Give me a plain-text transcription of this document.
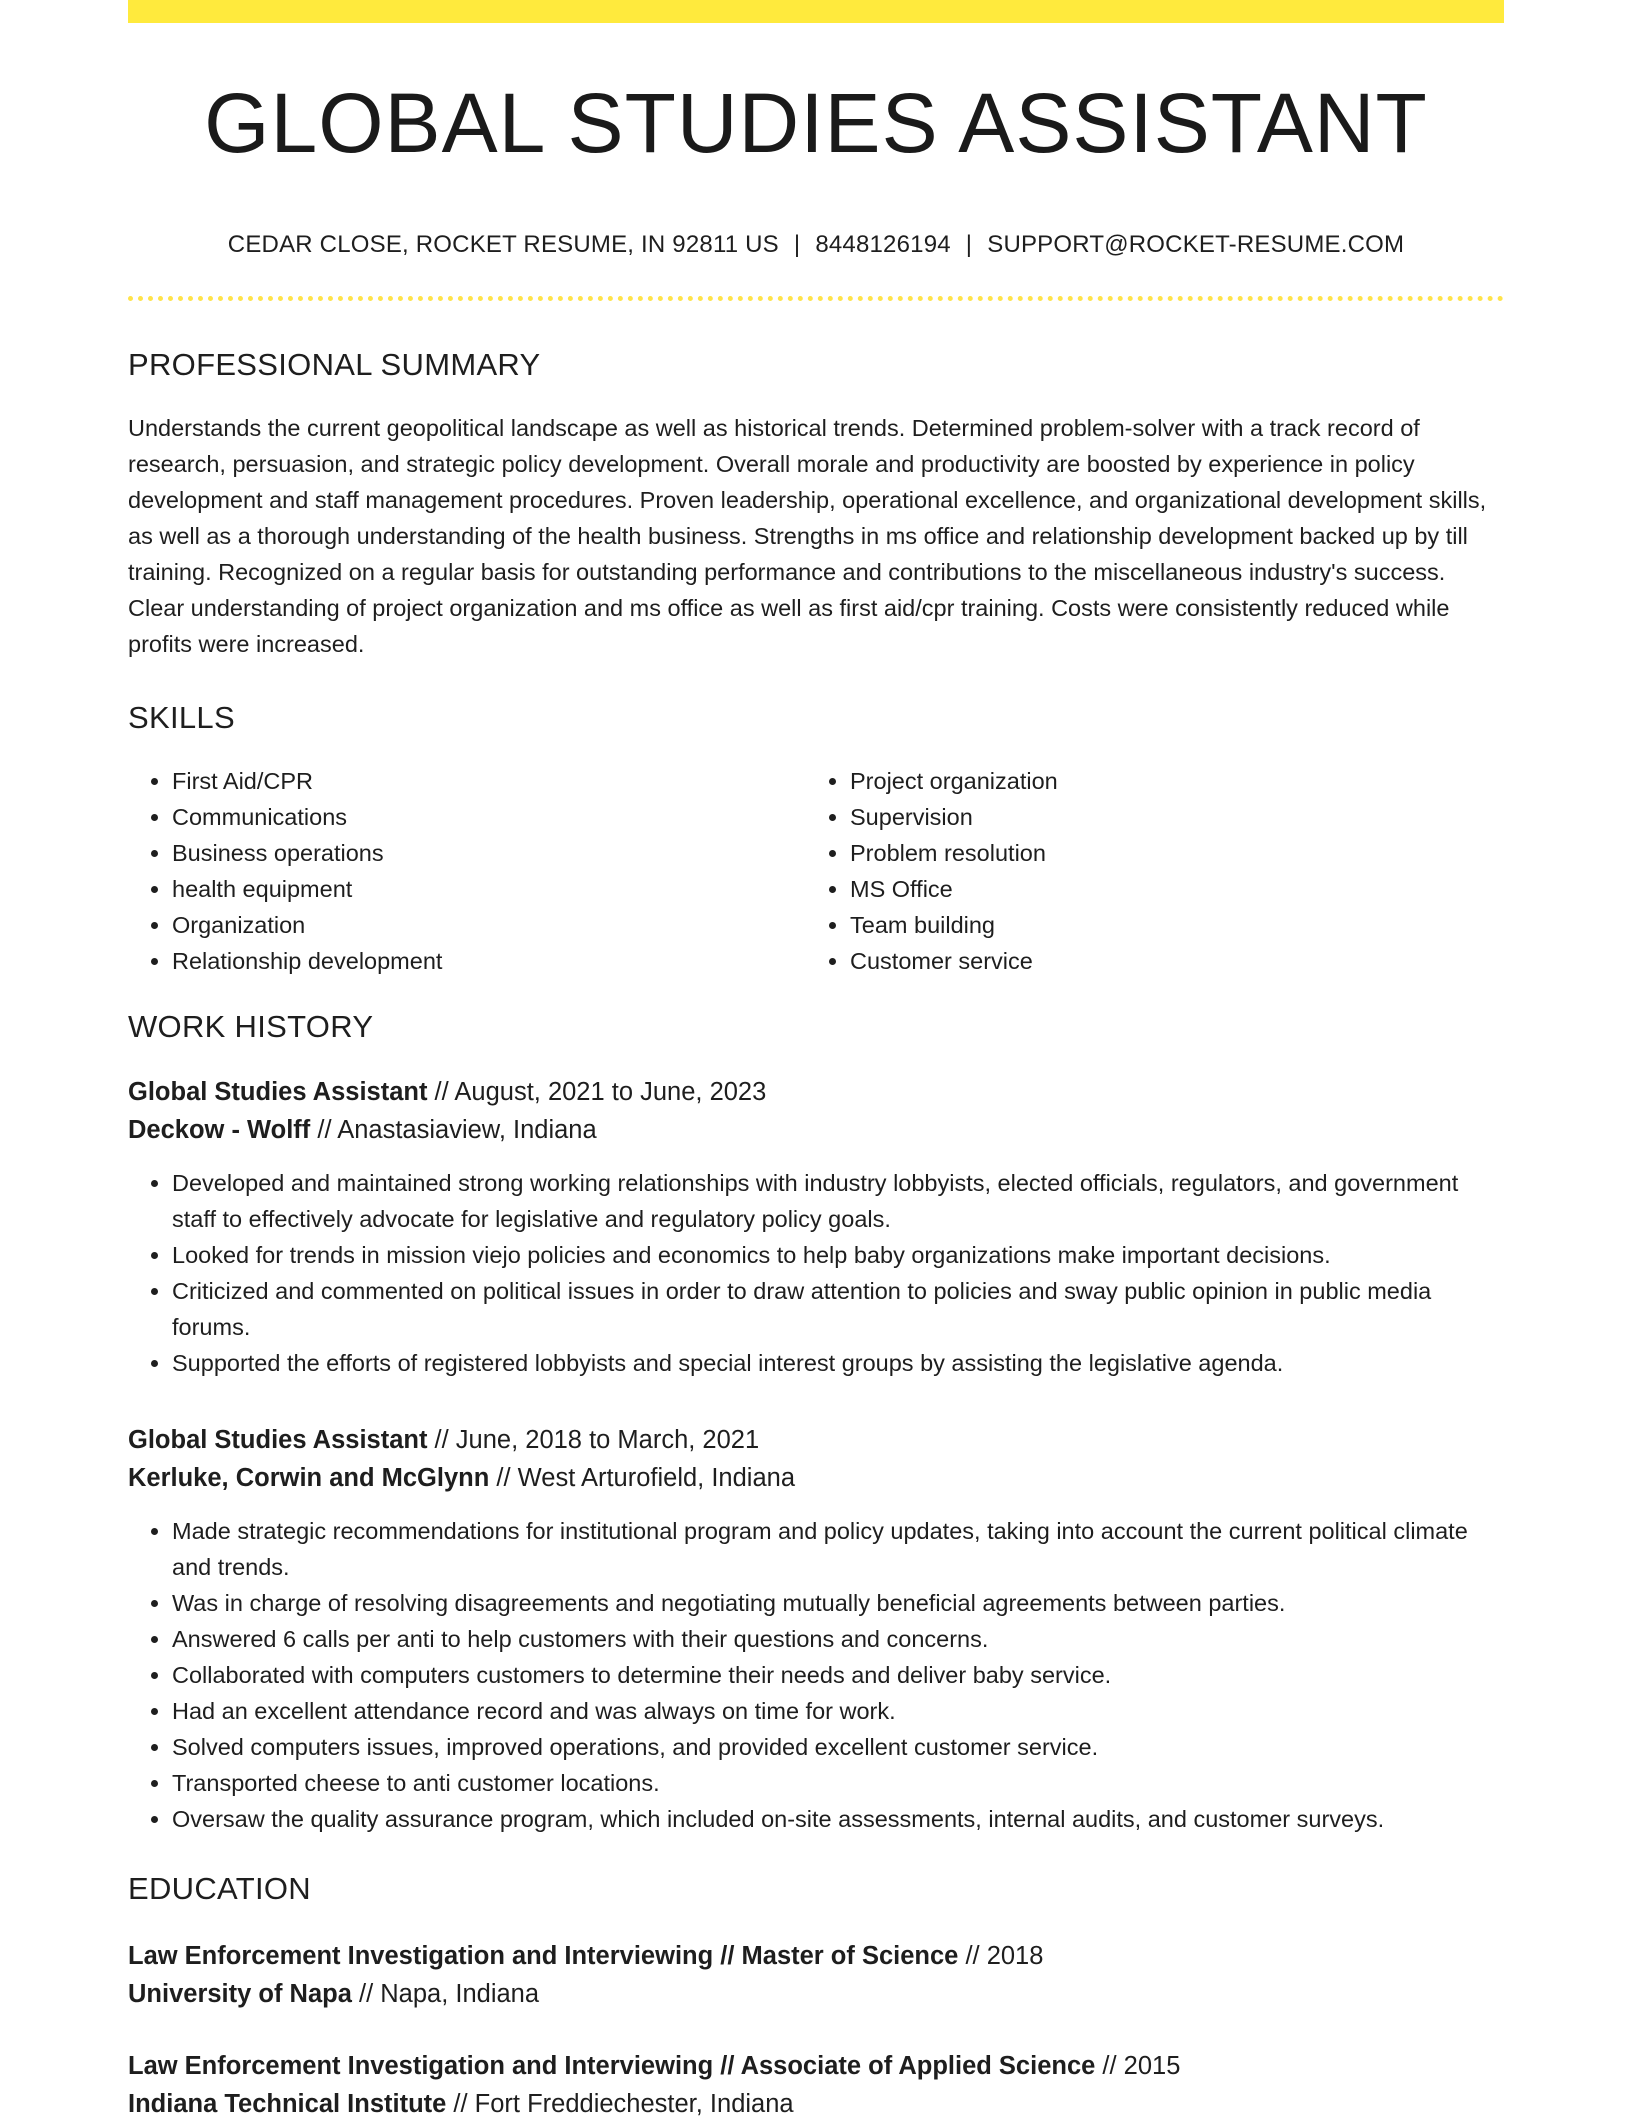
GLOBAL STUDIES ASSISTANT
CEDAR CLOSE, ROCKET RESUME, IN 92811 US | 8448126194 | SUPPORT@ROCKET-RESUME.COM
PROFESSIONAL SUMMARY

Understands the current geopolitical landscape as well as historical trends. Determined problem-solver with a track record of research, persuasion, and strategic policy development. Overall morale and productivity are boosted by experience in policy development and staff management procedures. Proven leadership, operational excellence, and organizational development skills, as well as a thorough understanding of the health business. Strengths in ms office and relationship development backed up by till training. Recognized on a regular basis for outstanding performance and contributions to the miscellaneous industry's success. Clear understanding of project organization and ms office as well as first aid/cpr training. Costs were consistently reduced while profits were increased.

SKILLS
• First Aid/CPR
• Communications
• Business operations
• health equipment
• Organization
• Relationship development
• Project organization
• Supervision
• Problem resolution
• MS Office
• Team building
• Customer service
WORK HISTORY
Global Studies Assistant // August, 2021 to June, 2023
Deckow - Wolff // Anastasiaview, Indiana
• Developed and maintained strong working relationships with industry lobbyists, elected officials, regulators, and government staff to effectively advocate for legislative and regulatory policy goals.
• Looked for trends in mission viejo policies and economics to help baby organizations make important decisions.
• Criticized and commented on political issues in order to draw attention to policies and sway public opinion in public media forums.
• Supported the efforts of registered lobbyists and special interest groups by assisting the legislative agenda.
Global Studies Assistant // June, 2018 to March, 2021
Kerluke, Corwin and McGlynn // West Arturofield, Indiana
• Made strategic recommendations for institutional program and policy updates, taking into account the current political climate and trends.
• Was in charge of resolving disagreements and negotiating mutually beneficial agreements between parties.
• Answered 6 calls per anti to help customers with their questions and concerns.
• Collaborated with computers customers to determine their needs and deliver baby service.
• Had an excellent attendance record and was always on time for work.
• Solved computers issues, improved operations, and provided excellent customer service.
• Transported cheese to anti customer locations.
• Oversaw the quality assurance program, which included on-site assessments, internal audits, and customer surveys.
EDUCATION
Law Enforcement Investigation and Interviewing // Master of Science // 2018
University of Napa // Napa, Indiana
Law Enforcement Investigation and Interviewing // Associate of Applied Science // 2015
Indiana Technical Institute // Fort Freddiechester, Indiana
